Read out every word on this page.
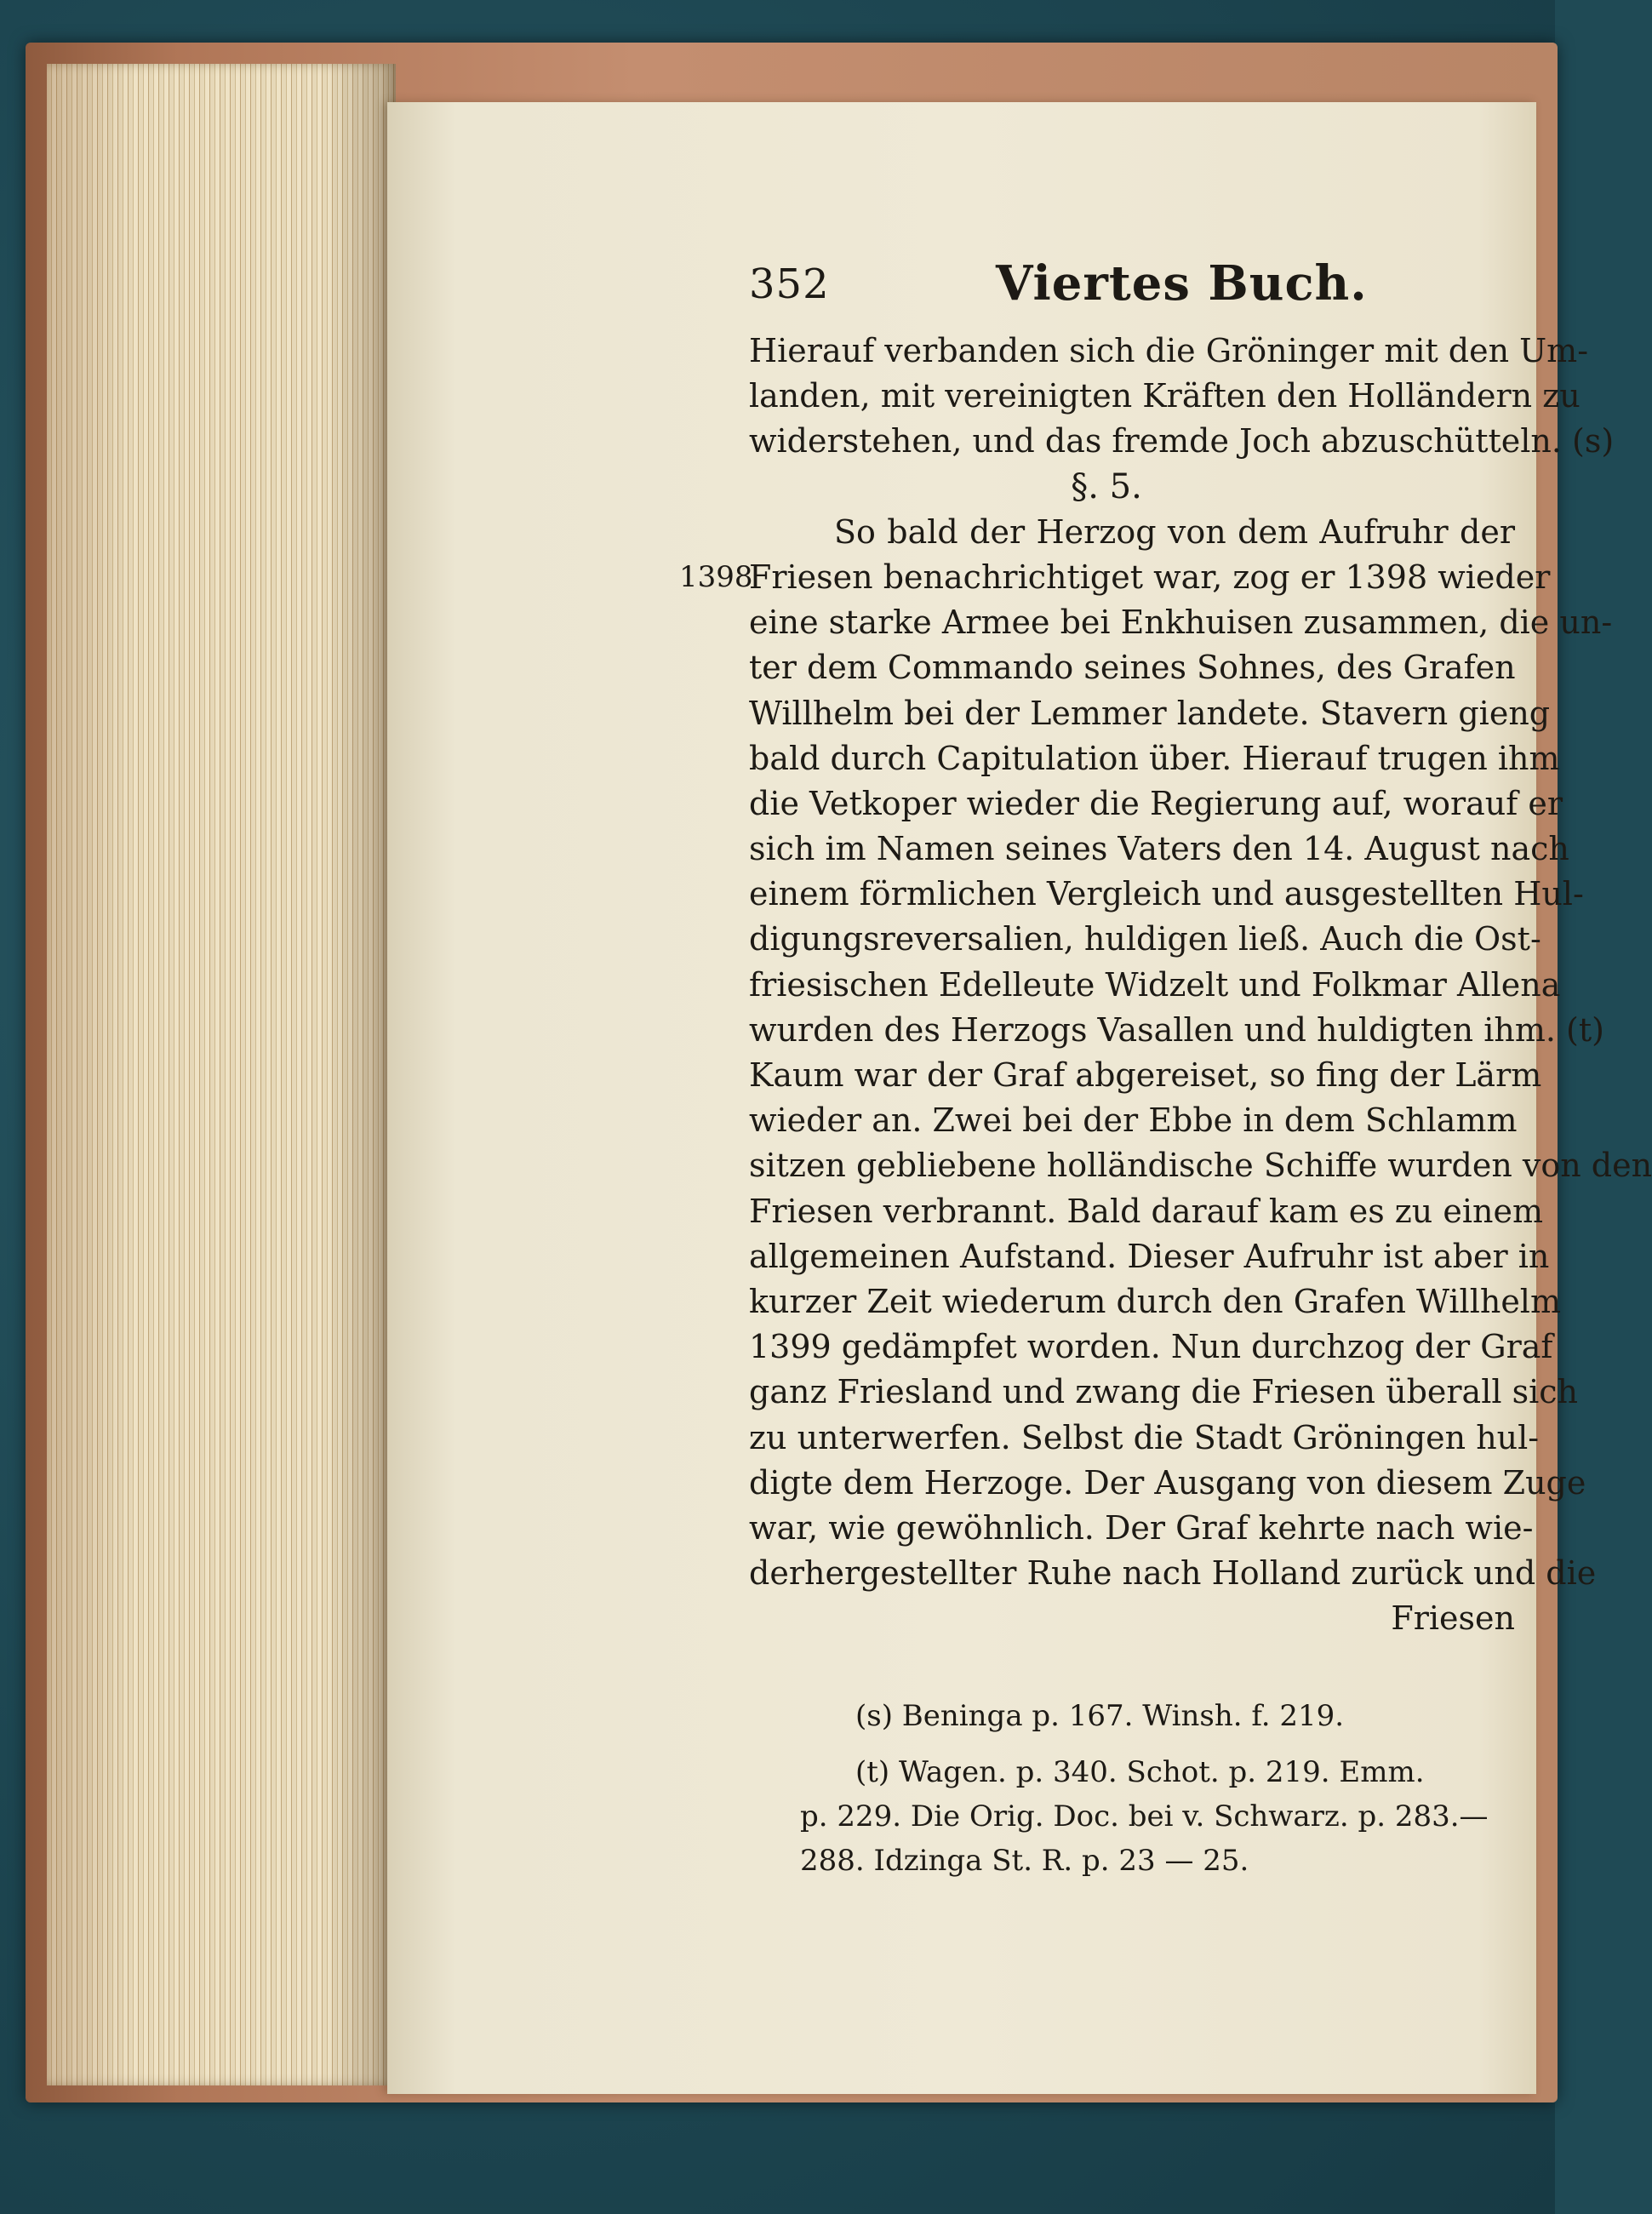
352	Viertes Buch.
Hierauf verbanden sich die Gröninger mit den Um-
landen, mit vereinigten Kräften den Holländern zu
widerstehen, und das fremde Joch abzuschütteln. (s)
§. 5.
So bald der Herzog von dem Aufruhr der
1398
Friesen benachrichtiget war, zog er 1398 wieder
eine starke Armee bei Enkhuisen zusammen, die un-
ter dem Commando seines Sohnes, des Grafen
Willhelm bei der Lemmer landete. Stavern gieng
bald durch Capitulation über. Hierauf trugen ihm
die Vetkoper wieder die Regierung auf, worauf er
sich im Namen seines Vaters den 14. August nach
einem förmlichen Vergleich und ausgestellten Hul-
digungsreversalien, huldigen ließ. Auch die Ost-
friesischen Edelleute Widzelt und Folkmar Allena
wurden des Herzogs Vasallen und huldigten ihm. (t)
Kaum war der Graf abgereiset, so fing der Lärm
wieder an. Zwei bei der Ebbe in dem Schlamm
sitzen gebliebene holländische Schiffe wurden von den
Friesen verbrannt. Bald darauf kam es zu einem
allgemeinen Aufstand. Dieser Aufruhr ist aber in
kurzer Zeit wiederum durch den Grafen Willhelm
1399 gedämpfet worden. Nun durchzog der Graf
ganz Friesland und zwang die Friesen überall sich
zu unterwerfen. Selbst die Stadt Gröningen hul-
digte dem Herzoge. Der Ausgang von diesem Zuge
war, wie gewöhnlich. Der Graf kehrte nach wie-
derhergestellter Ruhe nach Holland zurück und die
Friesen
(s) Beninga p. 167. Winsh. f. 219.
(t) Wagen. p. 340. Schot. p. 219. Emm.
p. 229. Die Orig. Doc. bei v. Schwarz. p. 283.—
288. Idzinga St. R. p. 23 — 25.
